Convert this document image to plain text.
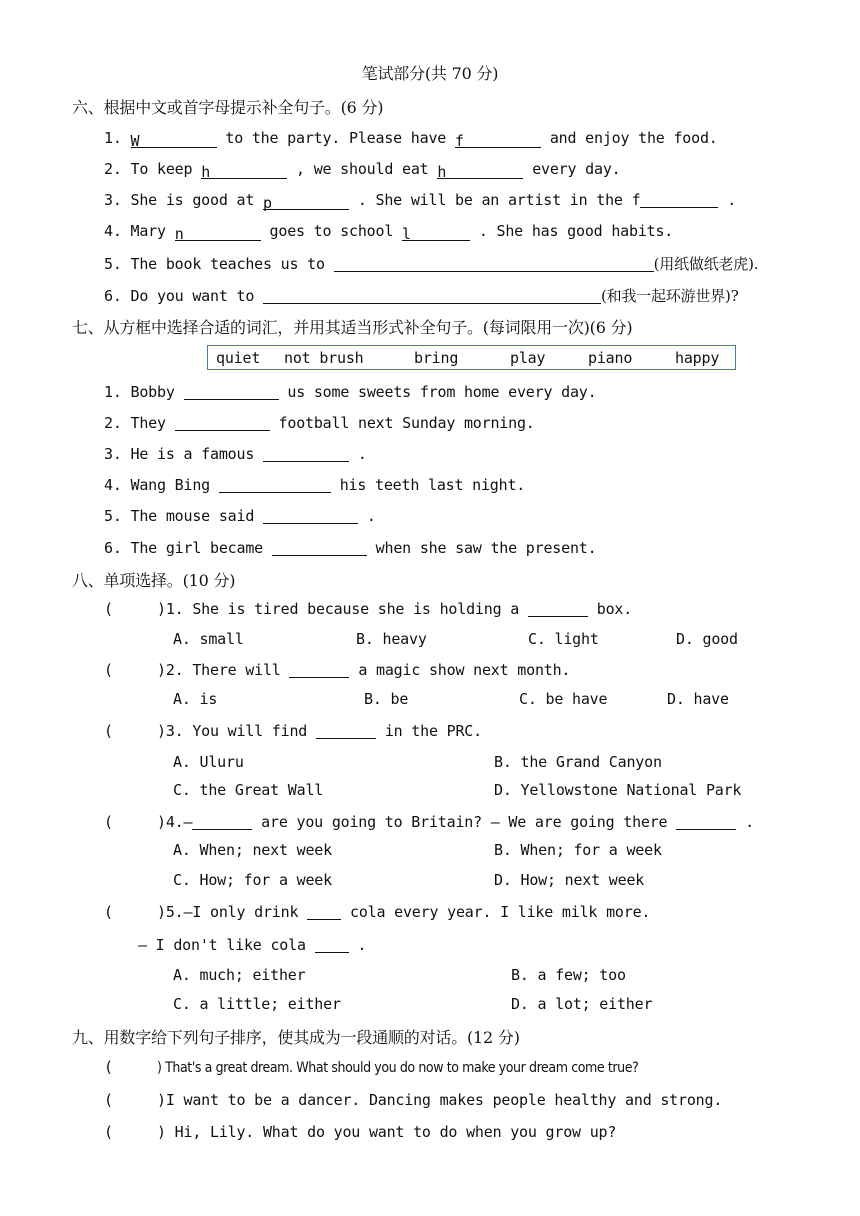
笔试部分(共 70 分)
六、根据中文或首字母提示补全句子。(6 分)
1. W	to the party. Please have f	and enjoy the food.
2. To keep h	, we should eat h	every day.
3. She is good at p	. She will be an artist in the f	.
4. Mary n	goes to school l	. She has good habits.
5. The book teaches us to	(用纸做纸老虎).
6. Do you want to	(和我一起环游世界)?
七、从方框中选择合适的词汇，并用其适当形式补全句子。(每词限用一次)(6 分)
quiet not brush	bring	play	piano	happy
1. Bobby	us some sweets from home every day.
2. They	football next Sunday morning.
3. He is a famous	.
4. Wang Bing	his teeth last night.
5. The mouse said	.
6. The girl became	when she saw the present.
八、单项选择。(10 分)
(	)1. She is tired because she is holding a	box.
A. small	B. heavy	C. light	D. good
(	)2. There will	a magic show next month.
A. is	B. be	C. be have	D. have
(	)3. You will find	in the PRC.
A. Uluru	B. the Grand Canyon
C. the Great Wall	D. Yellowstone National Park
(	)4.—	are you going to Britain? — We are going there	.
A. When; next week	B. When; for a week
C. How; for a week	D. How; next week
(	)5.—I only drink	cola every year. I like milk more.
— I don't like cola	.
A. much; either	B. a few; too
C. a little; either	D. a lot; either
九、用数字给下列句子排序，使其成为一段通顺的对话。(12 分)
(	) That's a great dream. What should you do now to make your dream come true?
(	)I want to be a dancer. Dancing makes people healthy and strong.
(	) Hi, Lily. What do you want to do when you grow up?
